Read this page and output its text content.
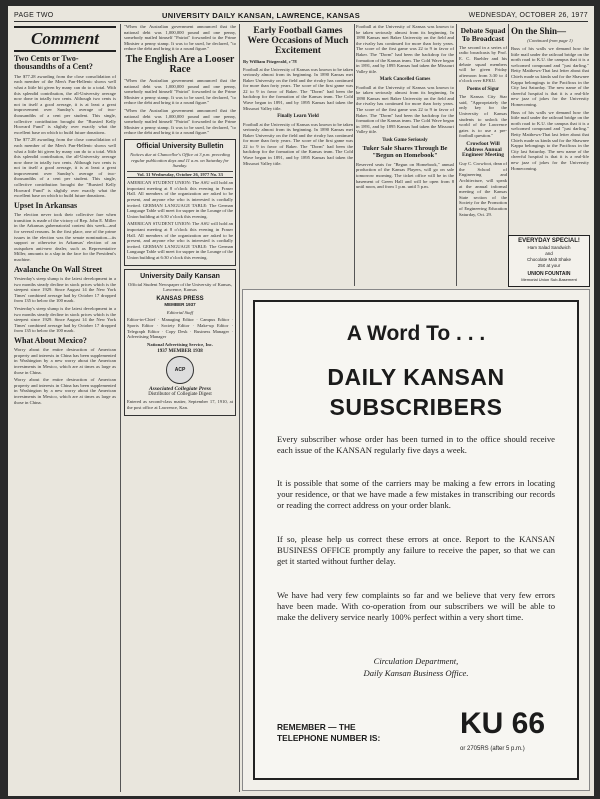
PAGE TWO	UNIVERSITY DAILY KANSAN, LAWRENCE, KANSAS	WEDNESDAY, OCTOBER 26, 1977
Comment
Two Cents or Two-thousandths of a Cent?

The $77.28 awarding from the close consolidation of each member of the Men's Pan-Hellenic shows well what a little bit given by many can do to a total. With this splendid contribution, the all-University average now done in totally two cents. Although two cents is not in itself a good average, it is at least a great improvement over Sunday's average of two-thousandths of a cent per student. This single, collective contribution brought the "Bursted Kelly Hoovard Fund" is slightly over exactly what the excellent base on which to build future donations.

The $77.28 awarding from the close consolidation of each member of the Men's Pan-Hellenic shows well what a little bit given by many can do to a total. With this splendid contribution, the all-University average now done in totally two cents. Although two cents is not in itself a good average, it is at least a great improvement over Sunday's average of two-thousandths of a cent per student. This single, collective contribution brought the "Bursted Kelly Hoovard Fund" is slightly over exactly what the excellent base on which to build future donations.

Upset In Arkansas

The election never took their collective fare when transition is made of the victory of Rep. John E. Miller in the Arkansas gubernatorial contest this week—and for several reasons. In the first place, one of the prime issues in the election was the senate nomination—its support or otherwise in Arkansas' election of an outspoken anti-new dealer, such as Representative Miller, amounts to a slap in the face for the President's machine.

Avalanche On Wall Street

Yesterday's steep slump is the latest development in a two months steady decline in stock prices which is the steepest since 1929. Since August 14 the New York Times' combined average had by October 17 dropped from 135 to below the 100 mark.

Yesterday's steep slump is the latest development in a two months steady decline in stock prices which is the steepest since 1929. Since August 14 the New York Times' combined average had by October 17 dropped from 135 to below the 100 mark.

What About Mexico?

Worry about the entire destruction of American property and interests in China has been supplemented in Washington by a new worry about the American investments in Mexico, which are at times as large as those in China.

Worry about the entire destruction of American property and interests in China has been supplemented in Washington by a new worry about the American investments in Mexico, which are at times as large as those in China.

"When the Australian government announced that the national debt was 1,000,000 pound and one penny, somebody mailed himself "Patriot" forwarded to the Prime Minister a penny stamp. It was to be used, he declared, "to reduce the debt and bring it to a round figure."

The English Are a Looser Race

"When the Australian government announced that the national debt was 1,000,000 pound and one penny, somebody mailed himself "Patriot" forwarded to the Prime Minister a penny stamp. It was to be used, he declared, "to reduce the debt and bring it to a round figure."

"When the Australian government announced that the national debt was 1,000,000 pound and one penny, somebody mailed himself "Patriot" forwarded to the Prime Minister a penny stamp. It was to be used, he declared, "to reduce the debt and bring it to a round figure."

Official University Bulletin

Notices due at Chancellor's Office at 3 p.m. preceding regular publication days and 11 a.m. on Saturday for Sunday.

Vol. 31 Wednesday, October 26, 1977 No. 33

AMERICAN STUDENT UNION: The ASU will hold an important meeting at 8 o'clock this evening in Fraser Hall. All members of the organization are asked to be present, and anyone else who is interested is cordially invited. GERMAN LANGUAGE TABLE: The German Language Table will meet for supper in the Lounge of the Union building at 6:30 o'clock this evening.

AMERICAN STUDENT UNION: The ASU will hold an important meeting at 8 o'clock this evening in Fraser Hall. All members of the organization are asked to be present, and anyone else who is interested is cordially invited. GERMAN LANGUAGE TABLE: The German Language Table will meet for supper in the Lounge of the Union building at 6:30 o'clock this evening.

University Daily Kansan

Official Student Newspaper of the University of Kansas, Lawrence, Kansas

KANSAS PRESS
MEMBER 1937

Editorial Staff

Editor-in-Chief · Managing Editor · Campus Editor · Sports Editor · Society Editor · Make-up Editor · Telegraph Editor · Copy Desk · Business Manager · Advertising Manager

National Advertising Service, Inc.

1937 MEMBER 1938
ACP
Associated Collegiate Press
Distributor of Collegiate Digest

Entered as second-class matter, September 17, 1910, at the post office at Lawrence, Kan.

Early Football Games Were Occasions of Much Excitement

By William Fitzgerald, c'78

Football at the University of Kansas was known to be taken seriously almost from its beginning. In 1890 Kansas met Baker University on the field and the rivalry has continued for more than forty years. The score of the first game was 22 to 9 in favor of Baker. The "Dorm" had been the backdrop for the formation of the Kansas team. The Cold Wave began in 1891, and by 1895 Kansas had taken the Missouri Valley title.

Finally Learn Yield

Football at the University of Kansas was known to be taken seriously almost from its beginning. In 1890 Kansas met Baker University on the field and the rivalry has continued for more than forty years. The score of the first game was 22 to 9 in favor of Baker. The "Dorm" had been the backdrop for the formation of the Kansas team. The Cold Wave began in 1891, and by 1895 Kansas had taken the Missouri Valley title.

Football at the University of Kansas was known to be taken seriously almost from its beginning. In 1890 Kansas met Baker University on the field and the rivalry has continued for more than forty years. The score of the first game was 22 to 9 in favor of Baker. The "Dorm" had been the backdrop for the formation of the Kansas team. The Cold Wave began in 1891, and by 1895 Kansas had taken the Missouri Valley title.

Mark Cancelled Games

Football at the University of Kansas was known to be taken seriously almost from its beginning. In 1890 Kansas met Baker University on the field and the rivalry has continued for more than forty years. The score of the first game was 22 to 9 in favor of Baker. The "Dorm" had been the backdrop for the formation of the Kansas team. The Cold Wave began in 1891, and by 1895 Kansas had taken the Missouri Valley title.

Tusk Game Seriously
Tuker Sale Shares Through Be "Begun on Homebook"

Reserved seats for "Begun on Homebook," annual production of the Kansas Players, will go on sale tomorrow morning. The ticket office will be in the basement of Green Hall and will be open from 8 until noon, and from 1 p.m. until 5 p.m.

Debate Squad To Broadcast

The second in a series of radio broadcasts by Prof. E. C. Buehler and his debate squad members will be given Friday afternoon from 3:30 to 4 o'clock over KFKU.

Poems of Sigur

The Kansas City Star said, "Appropriately the only key for the University of Kansas students to unlock the world of the Lawrence gates is to use a pre-football question."

Crowfoot Will Address Annual Engineer Meeting

Guy C. Crowfoot, dean of the School of Engineering and Architecture, will speak at the annual informal meeting of the Kansas State section of the Society for the Promotion of Engineering Education Saturday, Oct. 29.

On the Shin—

(Continued from page 1)

Buss of his walls we demand how the little mail under the railroad bridge on the north road to K.U. the campus that it is a welcomed compound and "just darling." Betty Matthews-That last letter about that Chiefs made us kinda sad for the Shawnee Kappa belongings to the Pacificus in the City last Saturday. The new name of the cheerful hospital is that it is a real-life new jazz of jokes for the University Homecoming.

Buss of his walls we demand how the little mail under the railroad bridge on the north road to K.U. the campus that it is a welcomed compound and "just darling." Betty Matthews-That last letter about that Chiefs made us kinda sad for the Shawnee Kappa belongings to the Pacificus in the City last Saturday. The new name of the cheerful hospital is that it is a real-life new jazz of jokes for the University Homecoming.

EVERYDAY SPECIAL!
Ham Salad Sandwich
and
Chocolate Malt Shake
25¢ at your
UNION FOUNTAIN
Memorial Union Sub-Basement
A Word To . . .
DAILY KANSAN
SUBSCRIBERS
Every subscriber whose order has been turned in to the office should receive each issue of the KANSAN regularly five days a week.
It is possible that some of the carriers may be making a few errors in locating your residence, or that we have made a few mistakes in transcribing our records or reading the correct address on your order blank.
If so, please help us correct these errors at once. Report to the KANSAN BUSINESS OFFICE promptly any failure to receive the paper, so that we can get it started without further delay.
We have had very few complaints so far and we believe that very few errors have been made. With co-operation from our subscribers we will be able to make the delivery service nearly 100% perfect within a very short time.
Circulation Department,
Daily Kansan Business Office.
REMEMBER — THE
TELEPHONE NUMBER IS:	KU 66
or 2705RS (after 5 p.m.)
